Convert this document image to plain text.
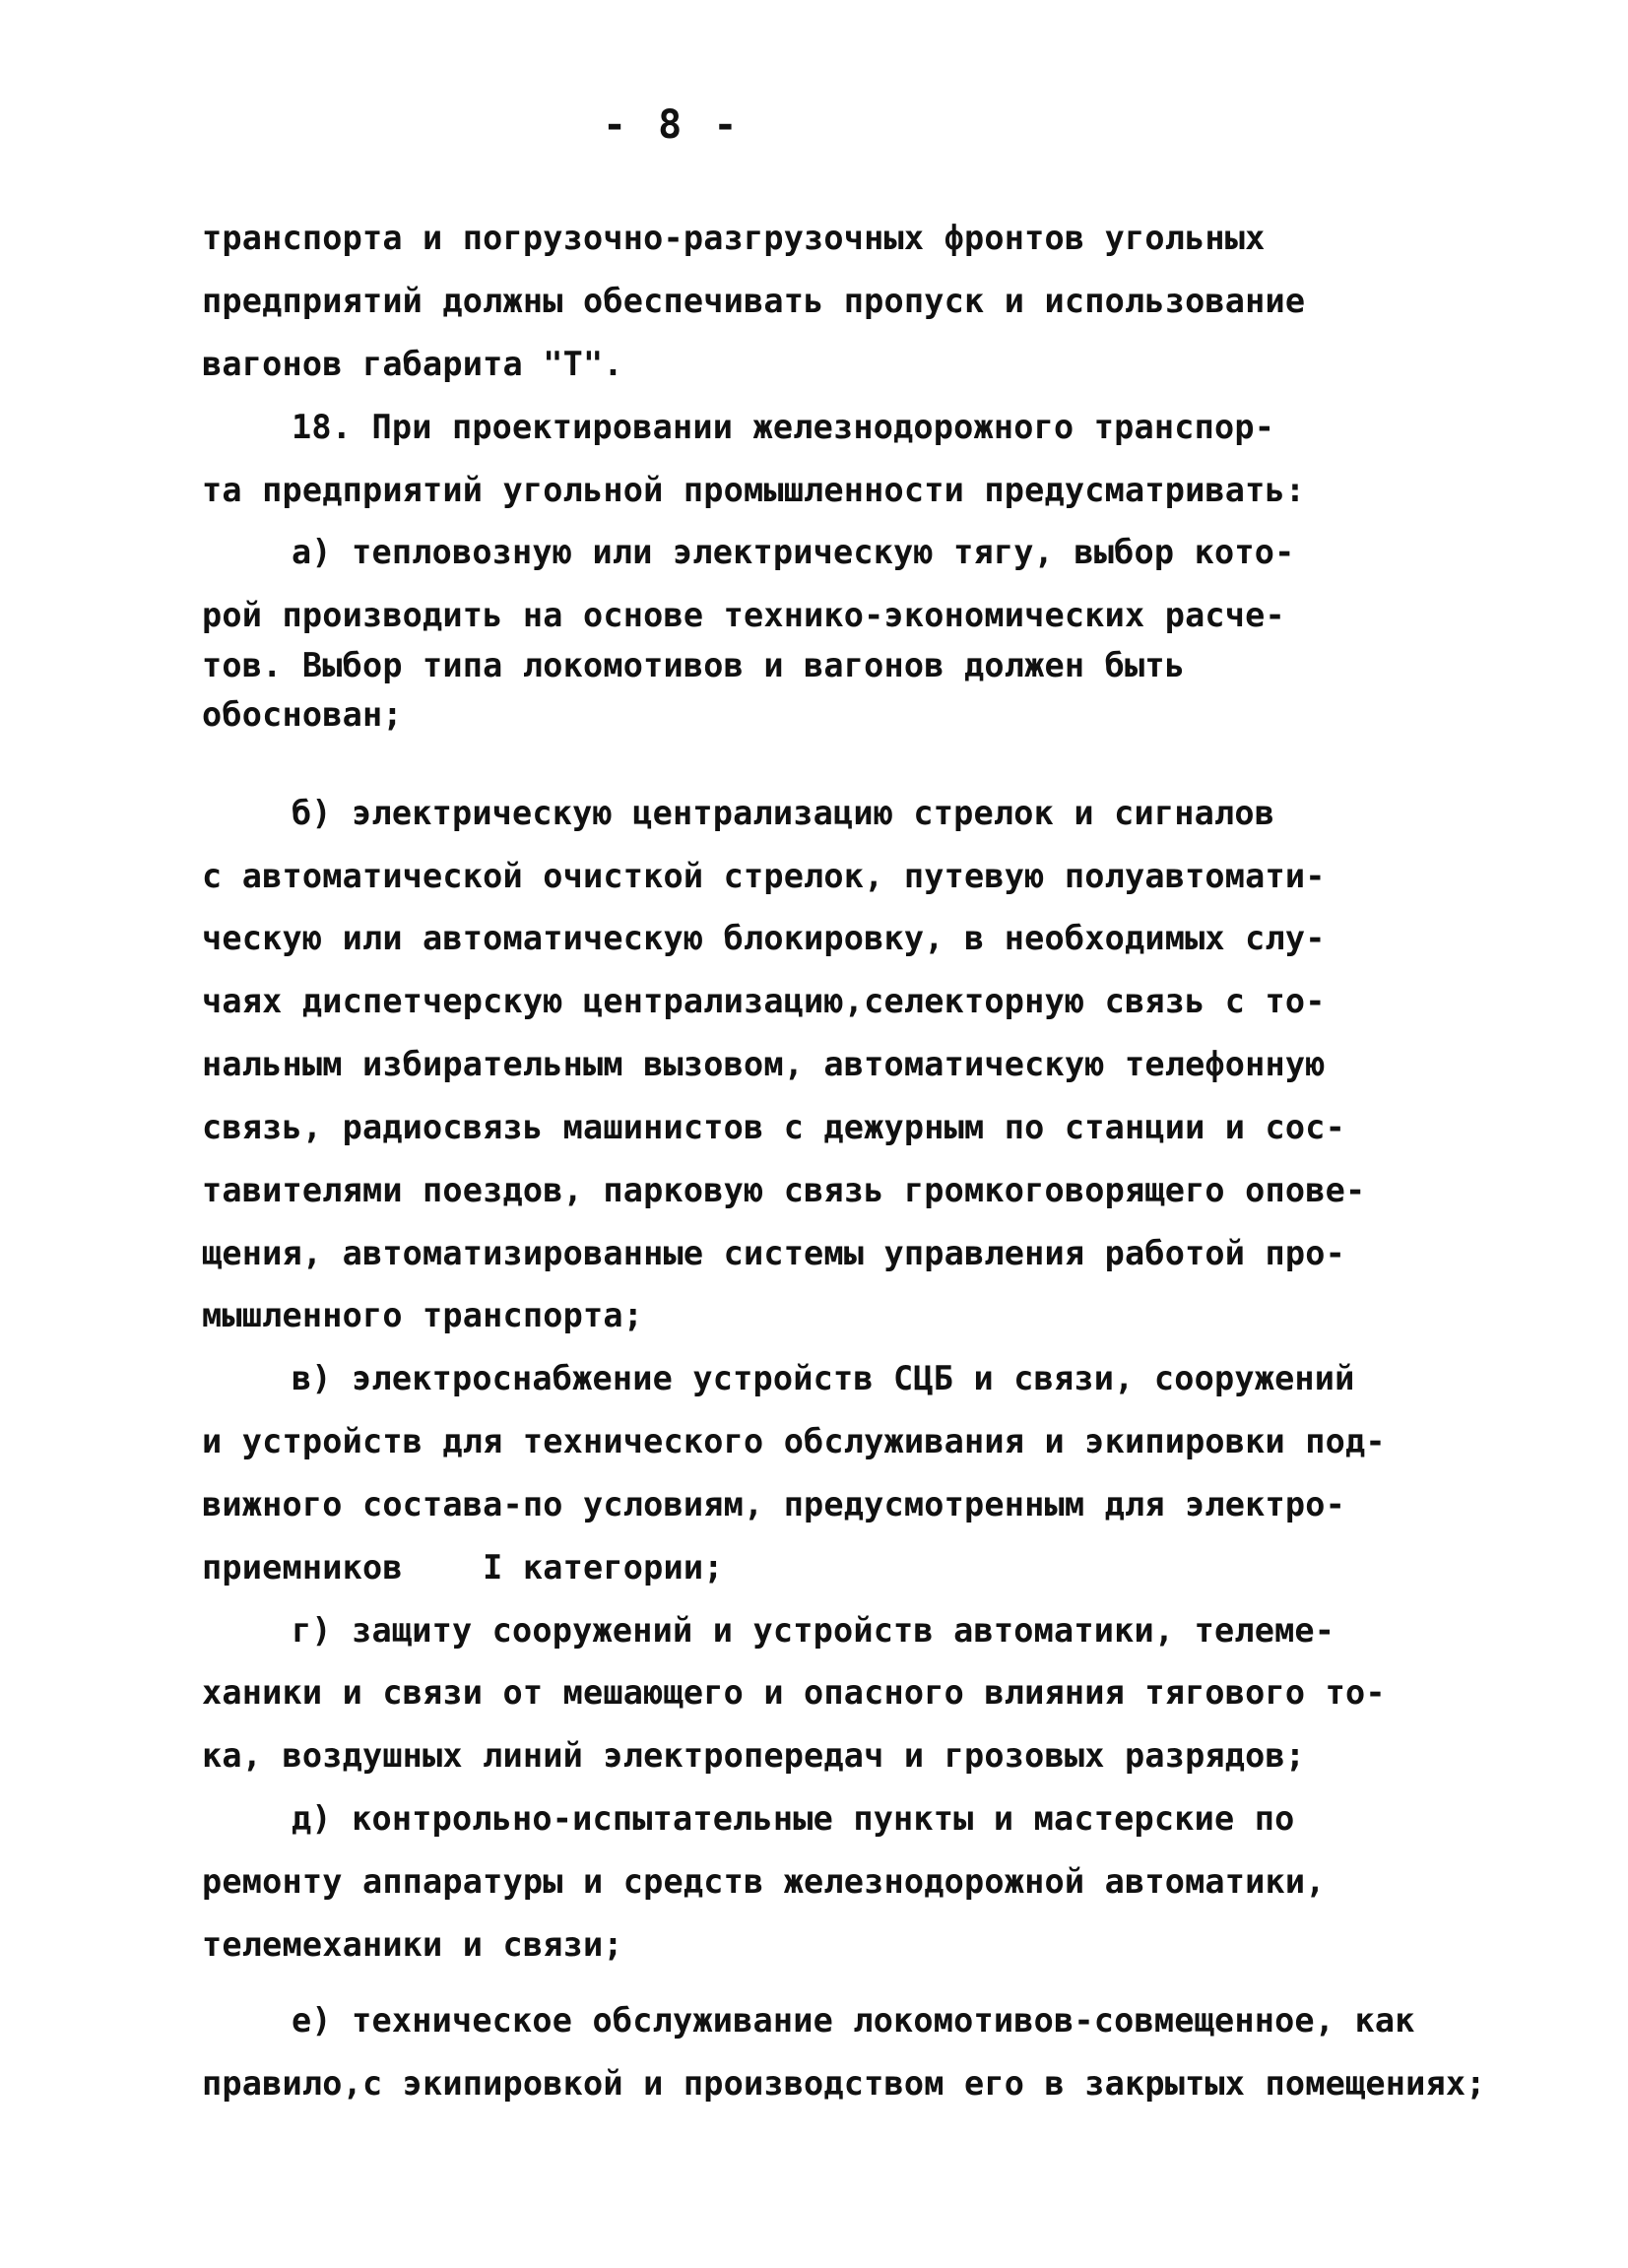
- 8 -
транспорта и погрузочно-разгрузочных фронтов угольных
предприятий должны обеспечивать пропуск и использование
вагонов габарита "Т".
18. При проектировании железнодорожного транспор-
та предприятий угольной промышленности предусматривать:
а) тепловозную или электрическую тягу, выбор кото-
рой производить на основе технико-экономических расче-
тов. Выбор типа локомотивов и вагонов должен быть
обоснован;
б) электрическую централизацию стрелок и сигналов
с автоматической очисткой стрелок, путевую полуавтомати-
ческую или автоматическую блокировку, в необходимых слу-
чаях диспетчерскую централизацию,селекторную связь с то-
нальным избирательным вызовом, автоматическую телефонную
связь, радиосвязь машинистов с дежурным по станции и сос-
тавителями поездов, парковую связь громкоговорящего опове-
щения, автоматизированные системы управления работой про-
мышленного транспорта;
в) электроснабжение устройств СЦБ и связи, сооружений
и устройств для технического обслуживания и экипировки под-
вижного состава-по условиям, предусмотренным для электро-
приемников    I категории;
г) защиту сооружений и устройств автоматики, телеме-
ханики и связи от мешающего и опасного влияния тягового то-
ка, воздушных линий электропередач и грозовых разрядов;
д) контрольно-испытательные пункты и мастерские по
ремонту аппаратуры и средств железнодорожной автоматики,
телемеханики и связи;
е) техническое обслуживание локомотивов-совмещенное, как
правило,с экипировкой и производством его в закрытых помещениях;
